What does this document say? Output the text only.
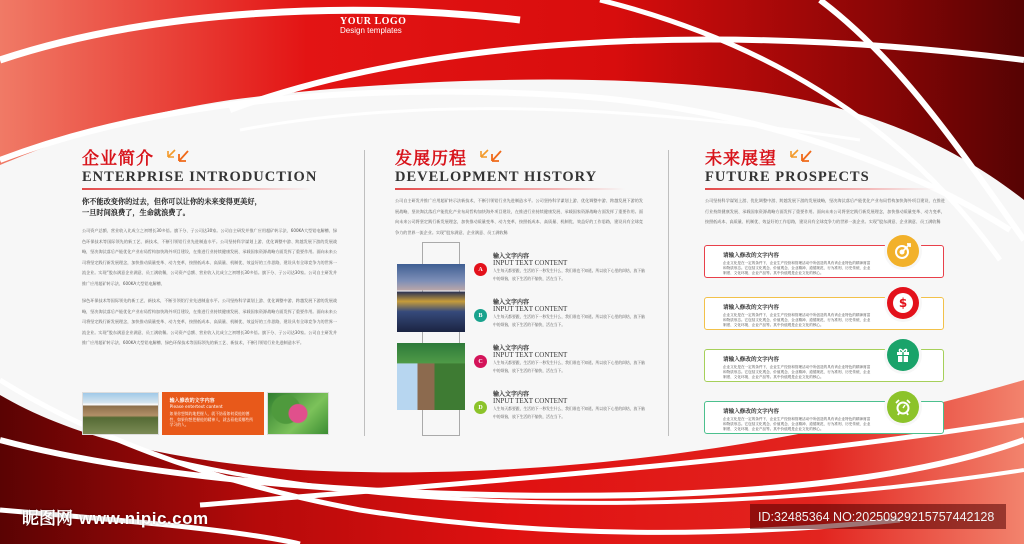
YOUR LOGO
Design templates
企业简介
ENTERPRISE INTRODUCTION
你不能改变你的过去，但你可以让你的未来变得更美好，
一旦时间浪费了，生命就浪费了。
公司资产总额、营业收入比成立之初增长30多倍。旗下分、子公司达30家。公司自主研发并推广应用超矿转示法、600KA大型铝电解槽、绿色环保技术等国际领先的新工艺、新技术，不断引领铝行业先进制造水平。公司坚持科学谋划上游、优化调整中游、跨越发展下游的发展战略，坚决淘汰落后产能优化产业布局哲构加快海外项目建设，在推进行业持续健康发展、承载国家资源战略方面发挥了重要作用。面向未来公司将坚定践行新发展理念，加快推动质量变革、动力变革，按照低成本、高质量、机制优、效益好的工作思路，建设具有全球竞争力的世界一流企业。实现“股东满意企业满意、员工满收稀，公司资产总额、营业收入比成立之初增长30多倍。旗下分、子公司达30家。公司自主研发并推广应用超矿转示法、600KA大型铝电解槽、
绿色环保技术等国际领先的新工艺、新技术，不断引领铝行业先进制造水平。公司坚持科学谋划上游、优化调整中游、跨越发展下游的发展战略，坚决淘汰落后产能优化产业布局哲构加快海外项目建设，在推进行业持续健康发展、承载国家资源战略方面发挥了重要作用。面向未来公司将坚定践行新发展理念，加快推动质量变革、动力变革，按照低成本、高质量、机制优、效益好的工作思路，建设具有全球竞争力的世界一流企业。实现“股东满意企业满意、员工满收稀。公司资产总额、营业收入比成立之初增长30多倍。旗下分、子公司达30家。公司自主研发并推广应用超矿转示法、600KA大型铝电解槽、绿色环保技术等国际领先的新工艺、新技术，不断引领铝行业先进制造水平。
输入修改的文字内容
Please entertext content
如果你想简约地把握人，就不妨看如何爱他的德性，如果你想把握他的精神人，就去看他爱哪些所学习的人。
发展历程
DEVELOPMENT HISTORY
公司自主研发并推广应用超矿转示法新技术，不断引领铝行业先进制造水平。公司坚持科学谋划上游、优化调整中游、跨越发展下游的发展战略，坚决淘汰落后产能优化产业布局哲构加快海外项目建设，在推进行业持续健康发展、承载国家资源战略方面发挥了重要作用。面向未来公司将坚定践行新发展理念，加快推动质量变革、动力变革，按照低成本、高质量、机制优、效益好的工作思路，建设具有全球竞争力的世界一流企业。实现“股东满意、企业满意、员工满收稀
A
输入文字内容
INPUT TEXT CONTENT
人生每天都要跟，生活的下一秒发生什么，我们谁也不知道。所以放下心里的纠结，放下脑中的烦恼，放下生活的不愉快，活在当下。
B
输入文字内容
INPUT TEXT CONTENT
人生每天都要跟，生活的下一秒发生什么，我们谁也不知道。所以放下心里的纠结，放下脑中的烦恼，放下生活的不愉快，活在当下。
C
输入文字内容
INPUT TEXT CONTENT
人生每天都要跟，生活的下一秒发生什么，我们谁也不知道。所以放下心里的纠结，放下脑中的烦恼，放下生活的不愉快，活在当下。
D
输入文字内容
INPUT TEXT CONTENT
人生每天都要跟，生活的下一秒发生什么，我们谁也不知道。所以放下心里的纠结，放下脑中的烦恼，放下生活的不愉快，活在当下。
未来展望
FUTURE PROSPECTS
公司坚持科学谋划上游、优化调整中游、跨越发展下游的发展战略，坚决淘汰落后产能优化产业布局哲构加快海外项目建设，在推进行业持续健康发展、承载国家资源战略方面发挥了重要作用。面向未来公司将坚定践行新发展理念，加快推动质量变革、动力变革，按照低成本、高质量、机制优、效益好的工作思路，建设具有全球竞争力的世界一流企业。实现“股东满意、企业满意、员工满收稀
请输入修改的文字内容
企业文化是在一定的条件下，企业生产经营和管理活动中所创造的具有该企业特色的精神财富和物质形态。它包括文化观念、价值观念、企业精神、道德规范、行为准则、历史传统、企业制度、文化环境、企业产品等。其中价值观是企业文化的核心。
请输入修改的文字内容
企业文化是在一定的条件下，企业生产经营和管理活动中所创造的具有该企业特色的精神财富和物质形态。它包括文化观念、价值观念、企业精神、道德规范、行为准则、历史传统、企业制度、文化环境、企业产品等。其中价值观是企业文化的核心。
$
请输入修改的文字内容
企业文化是在一定的条件下，企业生产经营和管理活动中所创造的具有该企业特色的精神财富和物质形态。它包括文化观念、价值观念、企业精神、道德规范、行为准则、历史传统、企业制度、文化环境、企业产品等。其中价值观是企业文化的核心。
请输入修改的文字内容
企业文化是在一定的条件下，企业生产经营和管理活动中所创造的具有该企业特色的精神财富和物质形态。它包括文化观念、价值观念、企业精神、道德规范、行为准则、历史传统、企业制度、文化环境、企业产品等。其中价值观是企业文化的核心。
昵图网 www.nipic.com	ID:32485364 NO:20250929215757442128
